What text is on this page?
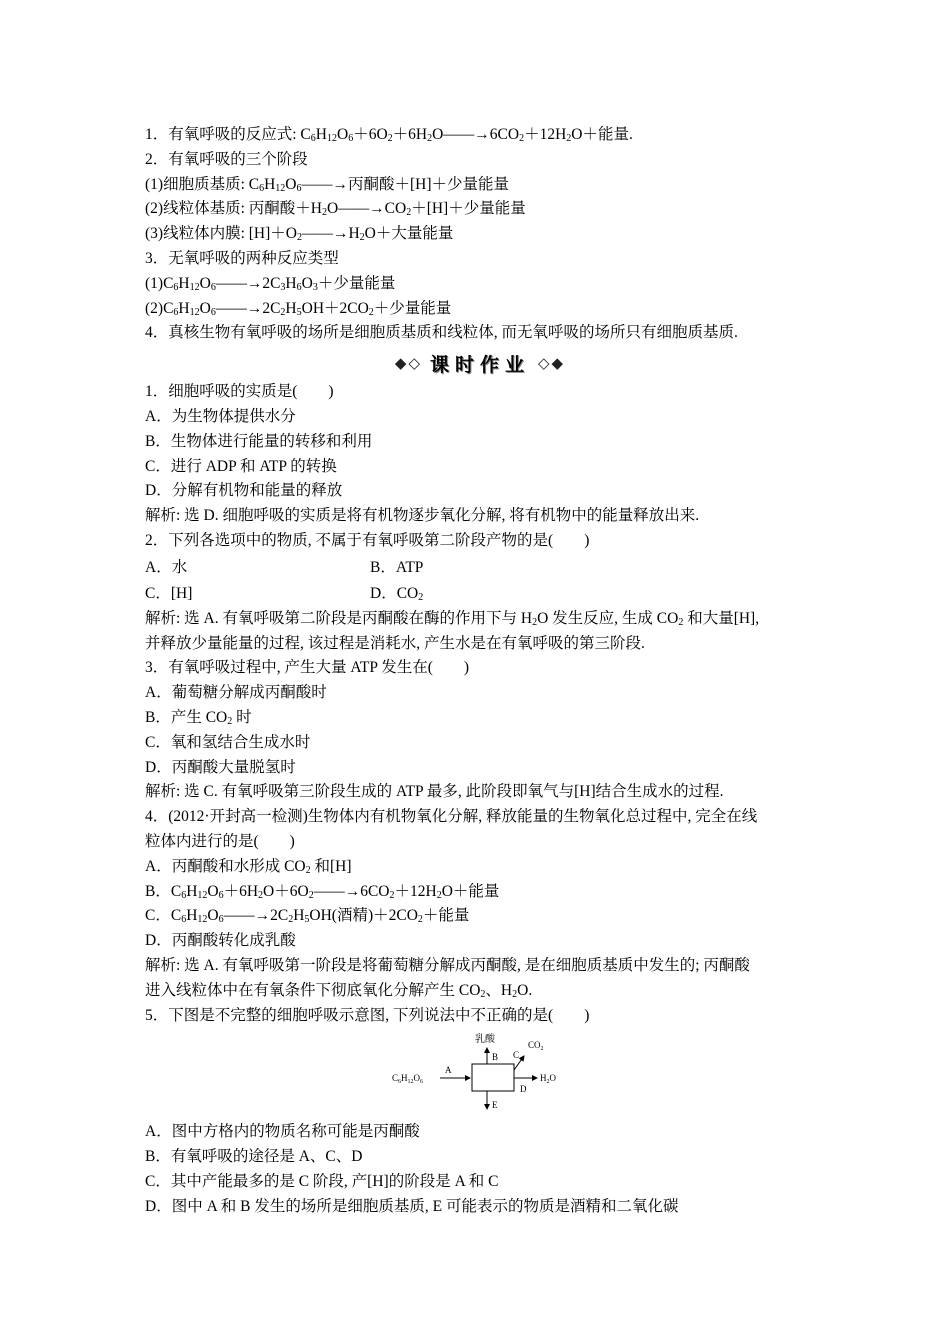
1．有氧呼吸的反应式: $C_6H_{12}O_6+6O_2+6H_2O——\to 6CO_2+12H_2O+$能量.
2．有氧呼吸的三个阶段
(1)细胞质基质: $C_6H_{12}O_6——\to$丙酮酸＋[H]＋少量能量
(2)线粒体基质: 丙酮酸$+H_2O——\to CO_2+[H]+$少量能量
(3)线粒体内膜: $[H]+O_2——\to H_2O+$大量能量
3．无氧呼吸的两种反应类型
$(1)C_6H_{12}O_6——\to 2C_3H_6O_3+$少量能量
$(2)C_6H_{12}O_6——\to 2C_2H_5OH+2CO_2+$少量能量
4．真核生物有氧呼吸的场所是细胞质基质和线粒体, 而无氧呼吸的场所只有细胞质基质.
◆◇ 课时作业 ◇◆
1．细胞呼吸的实质是(　　)
A．为生物体提供水分
B．生物体进行能量的转移和利用
C．进行 ADP 和 ATP 的转换
D．分解有机物和能量的释放
解析: 选 D. 细胞呼吸的实质是将有机物逐步氧化分解, 将有机物中的能量释放出来.
2．下列各选项中的物质, 不属于有氧呼吸第二阶段产物的是(　　)
A．水	B．ATP
C．[H]	D．$CO_2$
解析: 选 A. 有氧呼吸第二阶段是丙酮酸在酶的作用下与 $H_2O$ 发生反应, 生成 $CO_2$ 和大量[H],
并释放少量能量的过程, 该过程是消耗水, 产生水是在有氧呼吸的第三阶段.
3．有氧呼吸过程中, 产生大量 ATP 发生在(　　)
A．葡萄糖分解成丙酮酸时
B．产生 $CO_2$ 时
C．氧和氢结合生成水时
D．丙酮酸大量脱氢时
解析: 选 C. 有氧呼吸第三阶段生成的 ATP 最多, 此阶段即氧气与[H]结合生成水的过程.
4．(2012·开封高一检测)生物体内有机物氧化分解, 释放能量的生物氧化总过程中, 完全在线
粒体内进行的是(　　)
A．丙酮酸和水形成 $CO_2$ 和[H]
B．$C_6H_{12}O_6+6H_2O+6O_2——\to 6CO_2+12H_2O+$能量
C．$C_6H_{12}O_6——\to 2C_2H_5OH$(酒精)$+2CO_2+$能量
D．丙酮酸转化成乳酸
解析: 选 A. 有氧呼吸第一阶段是将葡萄糖分解成丙酮酸, 是在细胞质基质中发生的; 丙酮酸
进入线粒体中在有氧条件下彻底氧化分解产生 $CO_2$、$H_2O$.
5．下图是不完整的细胞呼吸示意图, 下列说法中不正确的是(　　)
$C_6H_{12}O_6$
A
B
乳酸
C
$CO_2$
D
$H_2O$
E
A．图中方格内的物质名称可能是丙酮酸
B．有氧呼吸的途径是 A、C、D
C．其中产能最多的是 C 阶段, 产[H]的阶段是 A 和 C
D．图中 A 和 B 发生的场所是细胞质基质, E 可能表示的物质是酒精和二氧化碳
